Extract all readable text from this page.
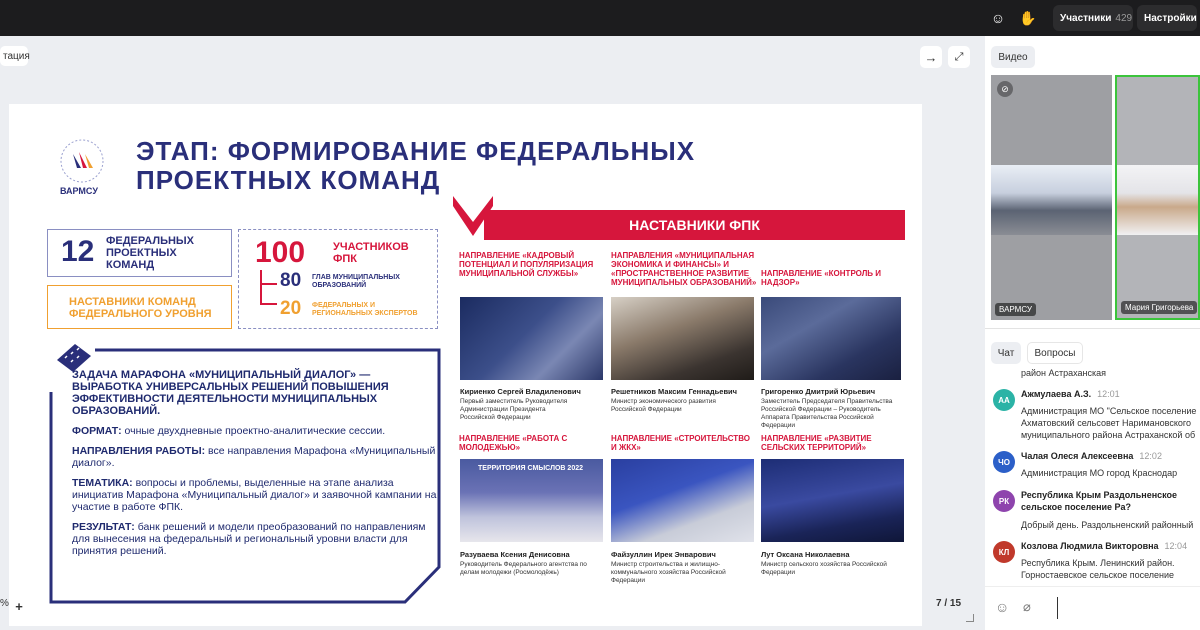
☺	✋	Участники 429 Настройки
тация	→	⤢
ВАРМСУ
ЭТАП: ФОРМИРОВАНИЕ ФЕДЕРАЛЬНЫХ
ПРОЕКТНЫХ КОМАНД
12 ФЕДЕРАЛЬНЫХ ПРОЕКТНЫХ КОМАНД
НАСТАВНИКИ КОМАНД ФЕДЕРАЛЬНОГО УРОВНЯ
100	УЧАСТНИКОВ ФПК
80 ГЛАВ МУНИЦИПАЛЬНЫХ ОБРАЗОВАНИЙ
20 ФЕДЕРАЛЬНЫХ И РЕГИОНАЛЬНЫХ ЭКСПЕРТОВ

ЗАДАЧА МАРАФОНА «МУНИЦИПАЛЬНЫЙ ДИАЛОГ» — ВЫРАБОТКА УНИВЕРСАЛЬНЫХ РЕШЕНИЙ ПОВЫШЕНИЯ ЭФФЕКТИВНОСТИ ДЕЯТЕЛЬНОСТИ МУНИЦИПАЛЬНЫХ ОБРАЗОВАНИЙ.

ФОРМАТ: очные двухдневные проектно-аналитические сессии.

НАПРАВЛЕНИЯ РАБОТЫ: все направления Марафона «Муниципальный диалог».

ТЕМАТИКА: вопросы и проблемы, выделенные на этапе анализа инициатив Марафона «Муниципальный диалог» и заявочной кампании на участие в работе ФПК.

РЕЗУЛЬТАТ: банк решений и модели преобразований по направлениям для вынесения на федеральный и региональный уровни власти для принятия решений.

НАСТАВНИКИ ФПК
НАПРАВЛЕНИЕ «КАДРОВЫЙ ПОТЕНЦИАЛ И ПОПУЛЯРИЗАЦИЯ МУНИЦИПАЛЬНОЙ СЛУЖБЫ»
НАПРАВЛЕНИЯ «МУНИЦИПАЛЬНАЯ ЭКОНОМИКА И ФИНАНСЫ» И «ПРОСТРАНСТВЕННОЕ РАЗВИТИЕ МУНИЦИПАЛЬНЫХ ОБРАЗОВАНИЙ»
НАПРАВЛЕНИЕ «КОНТРОЛЬ И НАДЗОР»
Кириенко Сергей Владиленович
Первый заместитель Руководителя Администрации Президента Российской Федерации
Решетников Максим Геннадьевич
Министр экономического развития Российской Федерации
Григоренко Дмитрий Юрьевич
Заместитель Председателя Правительства Российской Федерации – Руководитель Аппарата Правительства Российской Федерации
НАПРАВЛЕНИЕ «РАБОТА С МОЛОДЕЖЬЮ»
НАПРАВЛЕНИЕ «СТРОИТЕЛЬСТВО И ЖКХ»
НАПРАВЛЕНИЕ «РАЗВИТИЕ СЕЛЬСКИХ ТЕРРИТОРИЙ»
ТЕРРИТОРИЯ СМЫСЛОВ 2022
Разуваева Ксения Денисовна
Руководитель Федерального агентства по делам молодежи (Росмолодёжь)
Файзуллин Ирек Энварович
Министр строительства и жилищно-коммунального хозяйства Российской Федерации
Лут Оксана Николаевна
Министр сельского хозяйства Российской Федерации
% +	7 / 15
Видео
⊘
ВАРМСУ	Мария Григорьева
Чат Вопросы
район Астраханская
АА
Ажмулаева А.З. 12:01
Администрация МО "Сельское поселение
Ахматовский сельсовет Наримановского
муниципального района Астраханской об
ЧО
Чалая Олеся Алексеевна 12:02
Администрация МО город Краснодар
РК
Республика Крым Раздольненское
сельское поселение Ра?
Добрый день. Раздольненский районный
КЛ
Козлова Людмила Викторовна 12:04
Республика Крым. Ленинский район.
Горностаевское сельское поселение
☺ ⌀
